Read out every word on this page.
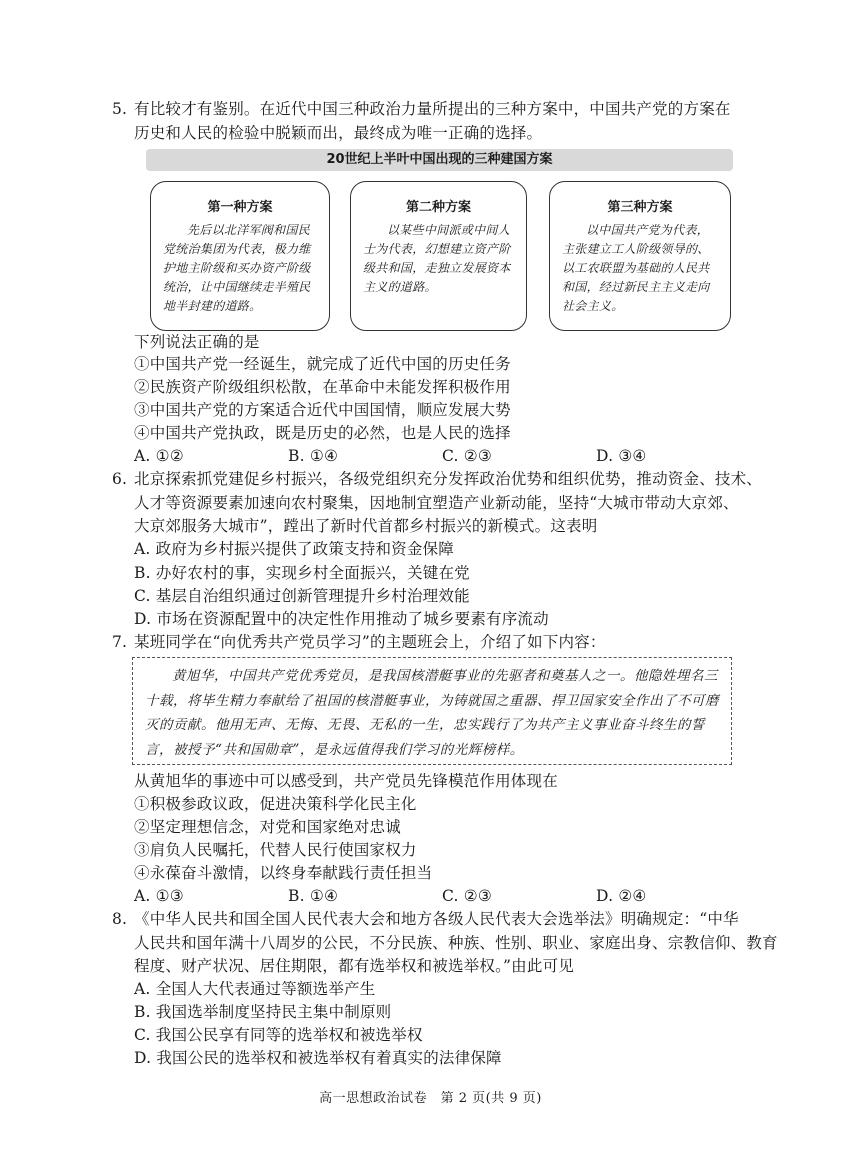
5. 有比较才有鉴别。在近代中国三种政治力量所提出的三种方案中，中国共产党的方案在
历史和人民的检验中脱颖而出，最终成为唯一正确的选择。
20世纪上半叶中国出现的三种建国方案
第一种方案
先后以北洋军阀和国民党统治集团为代表，极力维护地主阶级和买办资产阶级统治，让中国继续走半殖民地半封建的道路。
第二种方案
以某些中间派或中间人士为代表，幻想建立资产阶级共和国，走独立发展资本主义的道路。
第三种方案
以中国共产党为代表，主张建立工人阶级领导的、以工农联盟为基础的人民共和国，经过新民主主义走向社会主义。
下列说法正确的是
①中国共产党一经诞生，就完成了近代中国的历史任务
②民族资产阶级组织松散，在革命中未能发挥积极作用
③中国共产党的方案适合近代中国国情，顺应发展大势
④中国共产党执政，既是历史的必然，也是人民的选择
A. ①②	B. ①④	C. ②③	D. ③④
6. 北京探索抓党建促乡村振兴，各级党组织充分发挥政治优势和组织优势，推动资金、技术、
人才等资源要素加速向农村聚集，因地制宜塑造产业新动能，坚持“大城市带动大京郊、
大京郊服务大城市”，蹚出了新时代首都乡村振兴的新模式。这表明
A. 政府为乡村振兴提供了政策支持和资金保障
B. 办好农村的事，实现乡村全面振兴，关键在党
C. 基层自治组织通过创新管理提升乡村治理效能
D. 市场在资源配置中的决定性作用推动了城乡要素有序流动
7. 某班同学在“向优秀共产党员学习”的主题班会上，介绍了如下内容：
黄旭华，中国共产党优秀党员，是我国核潜艇事业的先驱者和奠基人之一。他隐姓埋名三十载，将毕生精力奉献给了祖国的核潜艇事业，为铸就国之重器、捍卫国家安全作出了不可磨灭的贡献。他用无声、无悔、无畏、无私的一生，忠实践行了为共产主义事业奋斗终生的誓言，被授予“共和国勋章”，是永远值得我们学习的光辉榜样。
从黄旭华的事迹中可以感受到，共产党员先锋模范作用体现在
①积极参政议政，促进决策科学化民主化
②坚定理想信念，对党和国家绝对忠诚
③肩负人民嘱托，代替人民行使国家权力
④永葆奋斗激情，以终身奉献践行责任担当
A. ①③	B. ①④	C. ②③	D. ②④
8. 《中华人民共和国全国人民代表大会和地方各级人民代表大会选举法》明确规定：“中华
人民共和国年满十八周岁的公民，不分民族、种族、性别、职业、家庭出身、宗教信仰、教育
程度、财产状况、居住期限，都有选举权和被选举权。”由此可见
A. 全国人大代表通过等额选举产生
B. 我国选举制度坚持民主集中制原则
C. 我国公民享有同等的选举权和被选举权
D. 我国公民的选举权和被选举权有着真实的法律保障
高一思想政治试卷　第 2 页(共 9 页)
